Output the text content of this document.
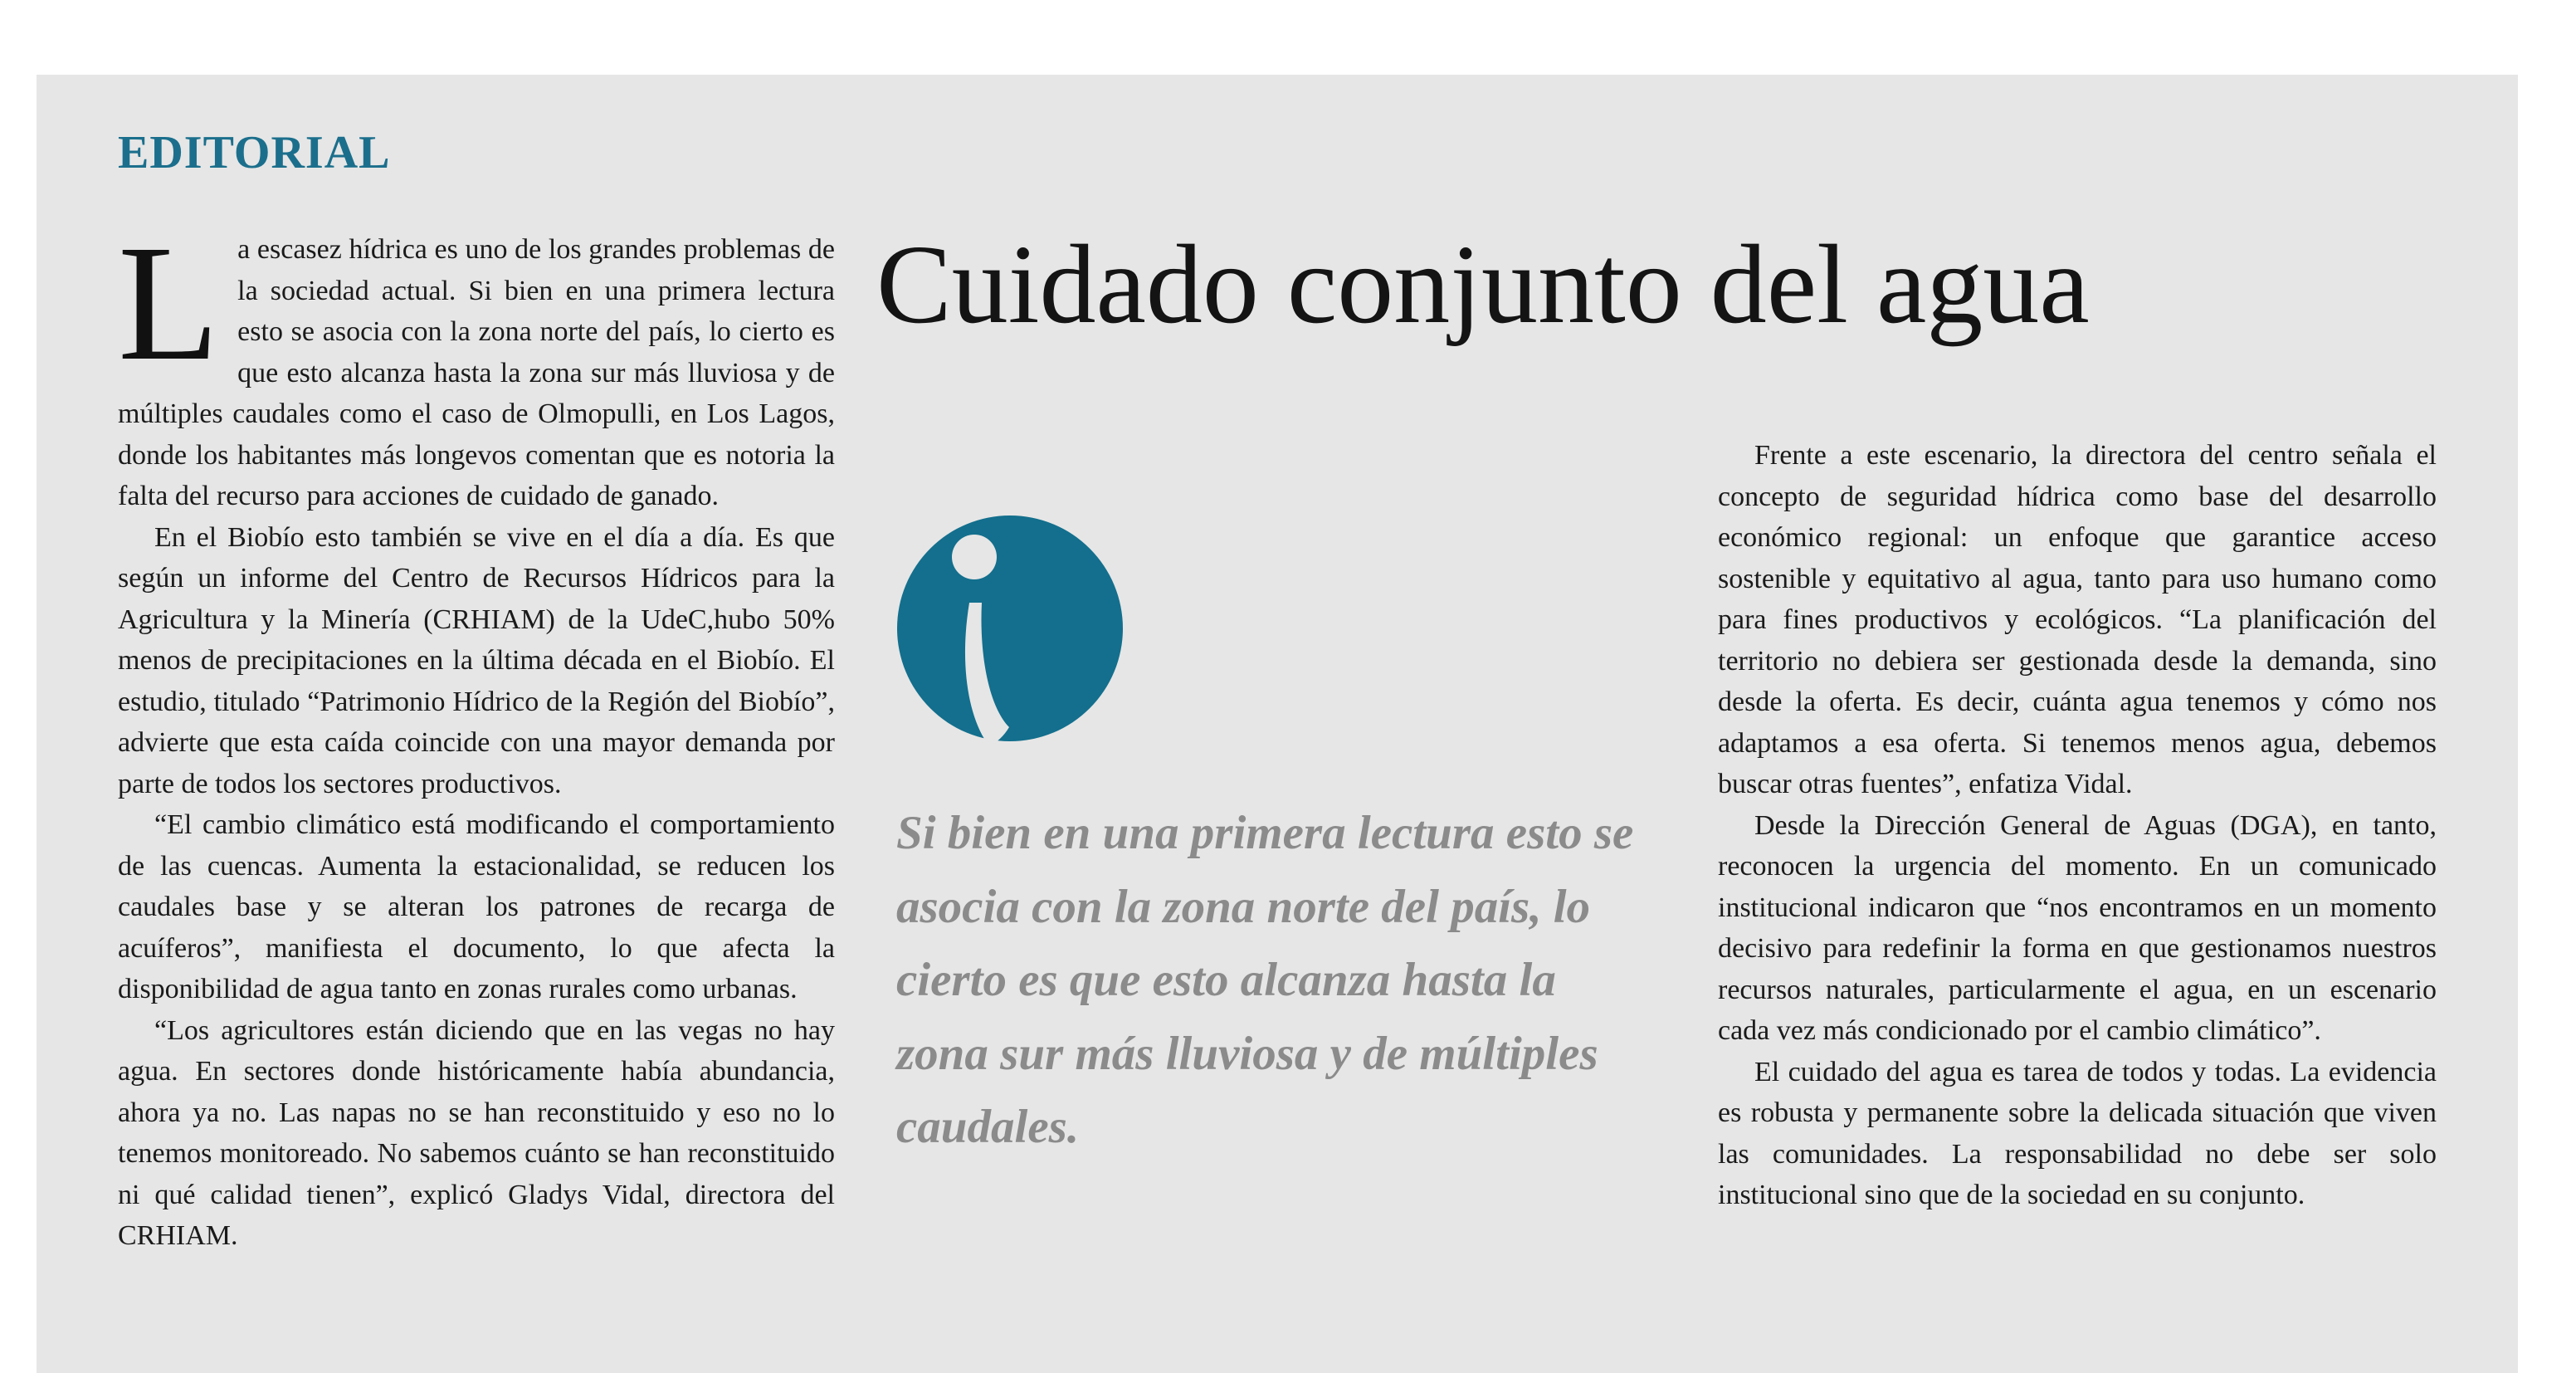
EDITORIAL

La escasez hídrica es uno de los grandes problemas de la sociedad actual. Si bien en una primera lectura esto se asocia con la zona norte del país, lo cierto es que esto alcanza hasta la zona sur más lluviosa y de múltiples caudales como el caso de Olmopulli, en Los Lagos, donde los habitantes más longevos comentan que es notoria la falta del recurso para acciones de cuidado de ganado.

En el Biobío esto también se vive en el día a día. Es que según un informe del Centro de Recursos Hídricos para la Agricultura y la Minería (CRHIAM) de la UdeC,hubo 50% menos de precipitaciones en la última década en el Biobío. El estudio, titulado “Patrimonio Hídrico de la Región del Biobío”, advierte que esta caída coincide con una mayor demanda por parte de todos los sectores productivos.

“El cambio climático está modificando el comportamiento de las cuencas. Aumenta la estacionalidad, se reducen los caudales base y se alteran los patrones de recarga de acuíferos”, manifiesta el documento, lo que afecta la disponibilidad de agua tanto en zonas rurales como urbanas.

“Los agricultores están diciendo que en las vegas no hay agua. En sectores donde históricamente había abundancia, ahora ya no. Las napas no se han reconstituido y eso no lo tenemos monitoreado. No sabemos cuánto se han reconstituido ni qué calidad tienen”, explicó Gladys Vidal, directora del CRHIAM.

Cuidado conjunto del agua

Si bien en una primera lectura esto se asocia con la zona norte del país, lo cierto es que esto alcanza hasta la zona sur más lluviosa y de múltiples caudales.

Frente a este escenario, la directora del centro señala el concepto de seguridad hídrica como base del desarrollo económico regional: un enfoque que garantice acceso sostenible y equitativo al agua, tanto para uso humano como para fines productivos y ecológicos. “La planificación del territorio no debiera ser gestionada desde la demanda, sino desde la oferta. Es decir, cuánta agua tenemos y cómo nos adaptamos a esa oferta. Si tenemos menos agua, debemos buscar otras fuentes”, enfatiza Vidal.

Desde la Dirección General de Aguas (DGA), en tanto, reconocen la urgencia del momento. En un comunicado institucional indicaron que “nos encontramos en un momento decisivo para redefinir la forma en que gestionamos nuestros recursos naturales, particularmente el agua, en un escenario cada vez más condicionado por el cambio climático”.

El cuidado del agua es tarea de todos y todas. La evidencia es robusta y permanente sobre la delicada situación que viven las comunidades. La responsabilidad no debe ser solo institucional sino que de la sociedad en su conjunto.
